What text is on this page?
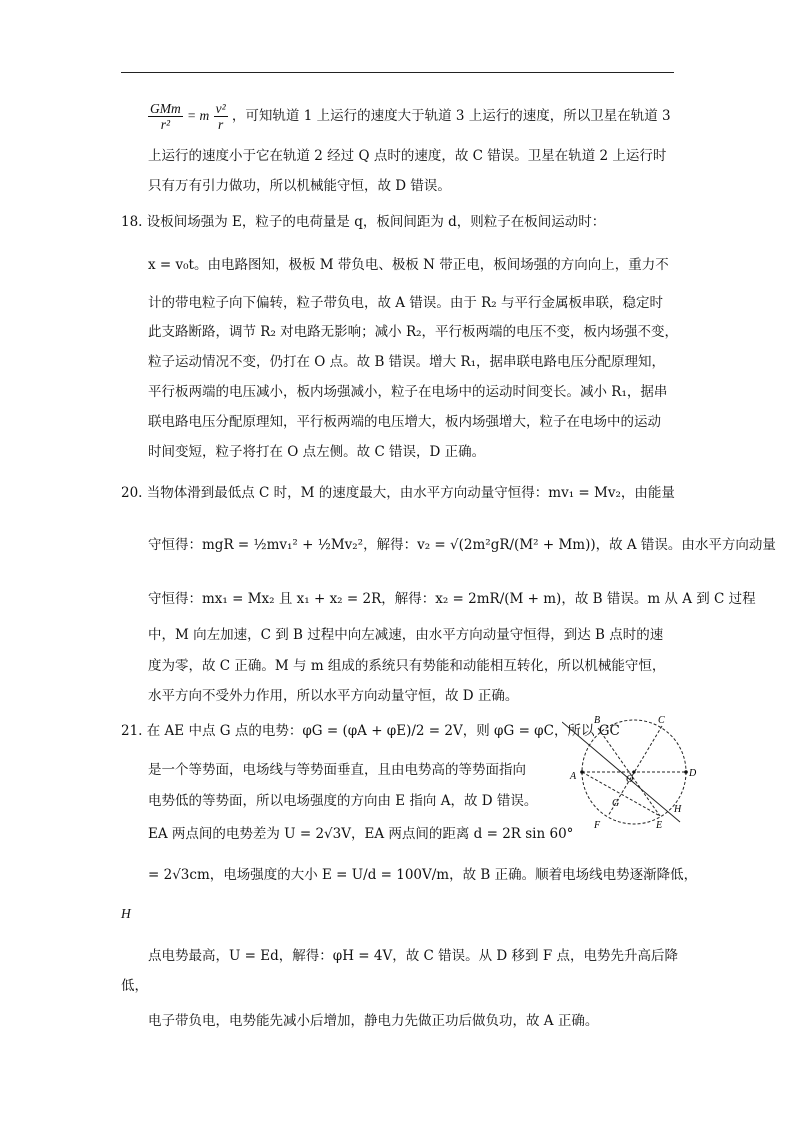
$\frac{\text{GMm}}{\text{r²}} = m \frac{\text{v²}}{r}$ ，可知轨道 1 上运行的速度大于轨道 3 上运行的速度，所以卫星在轨道 3
上运行的速度小于它在轨道 2 经过 Q 点时的速度，故 C 错误。卫星在轨道 2 上运行时
只有万有引力做功，所以机械能守恒，故 D 错误。
18. 设板间场强为 E，粒子的电荷量是 q，板间间距为 d，则粒子在板间运动时：
x = v₀t。由电路图知，极板 M 带负电、极板 N 带正电，板间场强的方向向上，重力不
计的带电粒子向下偏转，粒子带负电，故 A 错误。由于 R₂ 与平行金属板串联，稳定时
此支路断路，调节 R₂ 对电路无影响；减小 R₂，平行板两端的电压不变，板内场强不变，
粒子运动情况不变，仍打在 O 点。故 B 错误。增大 R₁，据串联电路电压分配原理知，
平行板两端的电压减小，板内场强减小，粒子在电场中的运动时间变长。减小 R₁，据串
联电路电压分配原理知，平行板两端的电压增大，板内场强增大，粒子在电场中的运动
时间变短，粒子将打在 O 点左侧。故 C 错误，D 正确。
20. 当物体滑到最低点 C 时，M 的速度最大，由水平方向动量守恒得：mv₁ = Mv₂，由能量
守恒得：mgR = ½mv₁² + ½Mv₂²，解得：v₂ = √(2m²gR/(M² + Mm))，故 A 错误。由水平方向动量
守恒得：mx₁ = Mx₂ 且 x₁ + x₂ = 2R，解得：x₂ = 2mR/(M + m)，故 B 错误。m 从 A 到 C 过程
中，M 向左加速，C 到 B 过程中向左减速，由水平方向动量守恒得，到达 B 点时的速
度为零，故 C 正确。M 与 m 组成的系统只有势能和动能相互转化，所以机械能守恒，
水平方向不受外力作用，所以水平方向动量守恒，故 D 正确。
21. 在 AE 中点 G 点的电势：φG = (φA + φE)/2 = 2V，则 φG = φC，所以 GC
是一个等势面，电场线与等势面垂直，且由电势高的等势面指向
电势低的等势面，所以电场强度的方向由 E 指向 A，故 D 错误。
EA 两点间的电势差为 U = 2√3V，EA 两点间的距离 d = 2R sin 60°
= 2√3cm，电场强度的大小 E = U/d = 100V/m，故 B 正确。顺着电场线电势逐渐降低，
H
点电势最高，U = Ed，解得：φH = 4V，故 C 错误。从 D 移到 F 点，电势先升高后降
低，
电子带负电，电势能先减小后增加，静电力先做正功后做负功，故 A 正确。
B	C
A	D
O
G
H
F	E
